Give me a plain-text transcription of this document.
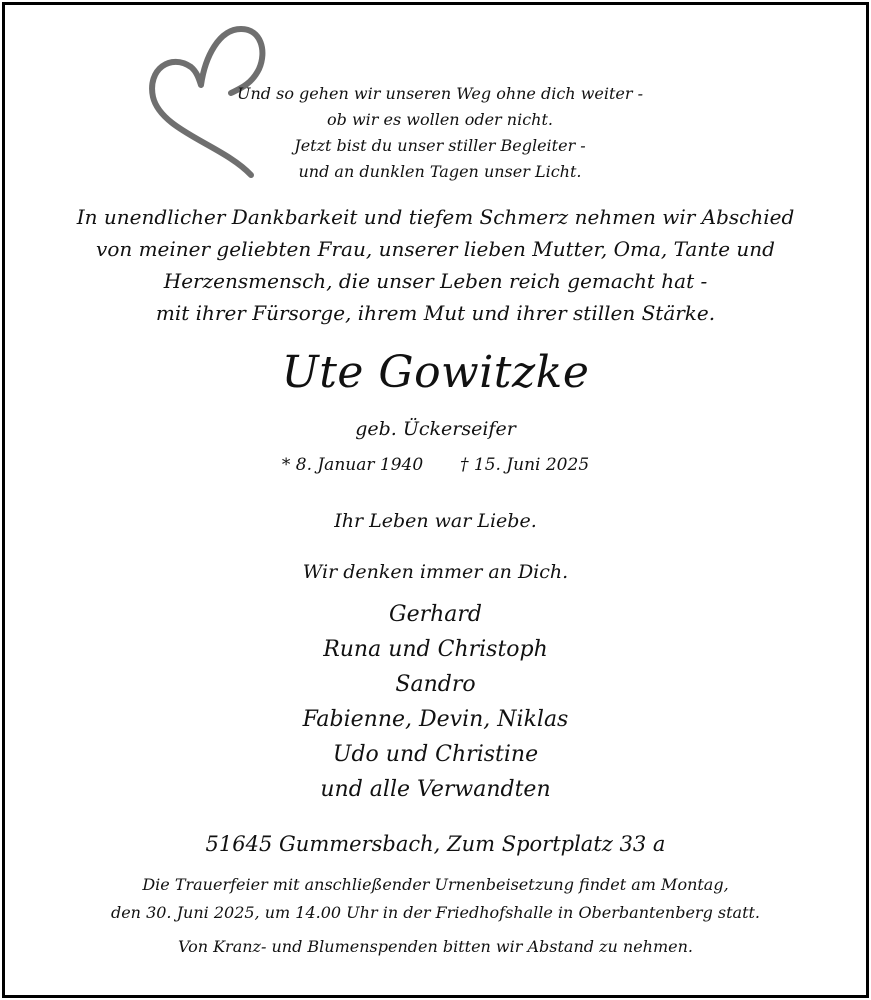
Und so gehen wir unseren Weg ohne dich weiter -
ob wir es wollen oder nicht.
Jetzt bist du unser stiller Begleiter -
und an dunklen Tagen unser Licht.
In unendlicher Dankbarkeit und tiefem Schmerz nehmen wir Abschied
von meiner geliebten Frau, unserer lieben Mutter, Oma, Tante und
Herzensmensch, die unser Leben reich gemacht hat -
mit ihrer Fürsorge, ihrem Mut und ihrer stillen Stärke.
Ute Gowitzke
geb. Ückerseifer
* 8. Januar 1940 † 15. Juni 2025
Ihr Leben war Liebe.
Wir denken immer an Dich.
Gerhard
Runa und Christoph
Sandro
Fabienne, Devin, Niklas
Udo und Christine
und alle Verwandten
51645 Gummersbach, Zum Sportplatz 33 a
Die Trauerfeier mit anschließender Urnenbeisetzung findet am Montag,
den 30. Juni 2025, um 14.00 Uhr in der Friedhofshalle in Oberbantenberg statt.
Von Kranz- und Blumenspenden bitten wir Abstand zu nehmen.
